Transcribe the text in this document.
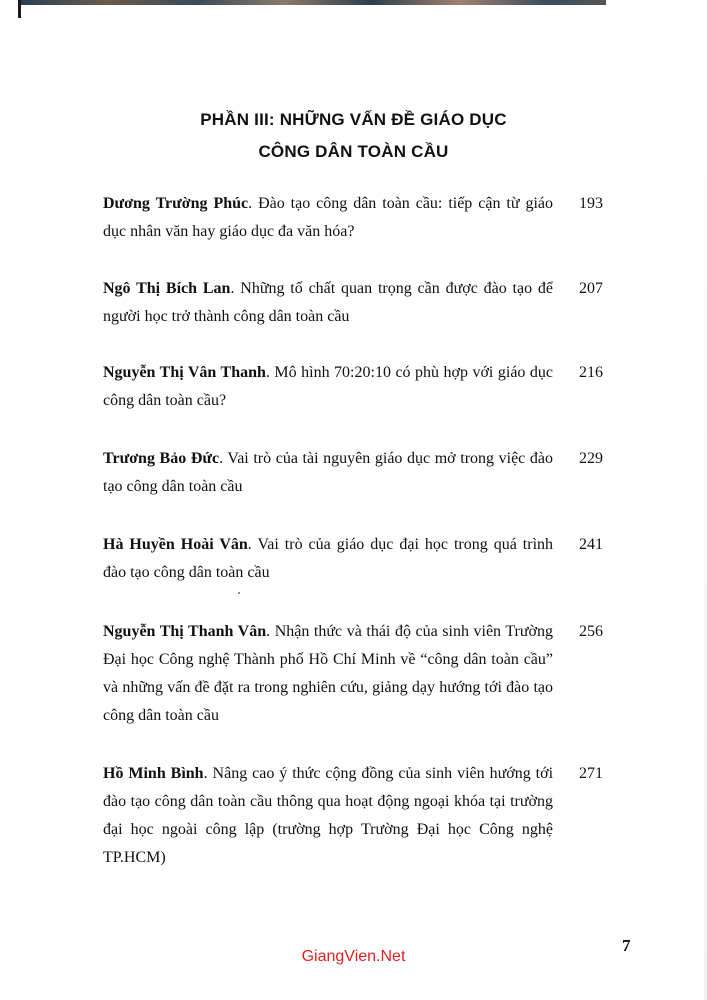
PHẦN III: NHỮNG VẤN ĐỀ GIÁO DỤC
CÔNG DÂN TOÀN CẦU
Dương Trường Phúc. Đào tạo công dân toàn cầu: tiếp cận từ giáo dục nhân văn hay giáo dục đa văn hóa?
193
Ngô Thị Bích Lan. Những tố chất quan trọng cần được đào tạo để người học trở thành công dân toàn cầu
207
Nguyễn Thị Vân Thanh. Mô hình 70:20:10 có phù hợp với giáo dục công dân toàn cầu?
216
Trương Bảo Đức. Vai trò của tài nguyên giáo dục mở trong việc đào tạo công dân toàn cầu
229
Hà Huyền Hoài Vân. Vai trò của giáo dục đại học trong quá trình đào tạo công dân toàn cầu
241
Nguyễn Thị Thanh Vân. Nhận thức và thái độ của sinh viên Trường Đại học Công nghệ Thành phố Hồ Chí Minh về “công dân toàn cầu” và những vấn đề đặt ra trong nghiên cứu, giảng dạy hướng tới đào tạo công dân toàn cầu
256
Hồ Minh Bình. Nâng cao ý thức cộng đồng của sinh viên hướng tới đào tạo công dân toàn cầu thông qua hoạt động ngoại khóa tại trường đại học ngoài công lập (trường hợp Trường Đại học Công nghệ TP.HCM)
271
7
GiangVien.Net
